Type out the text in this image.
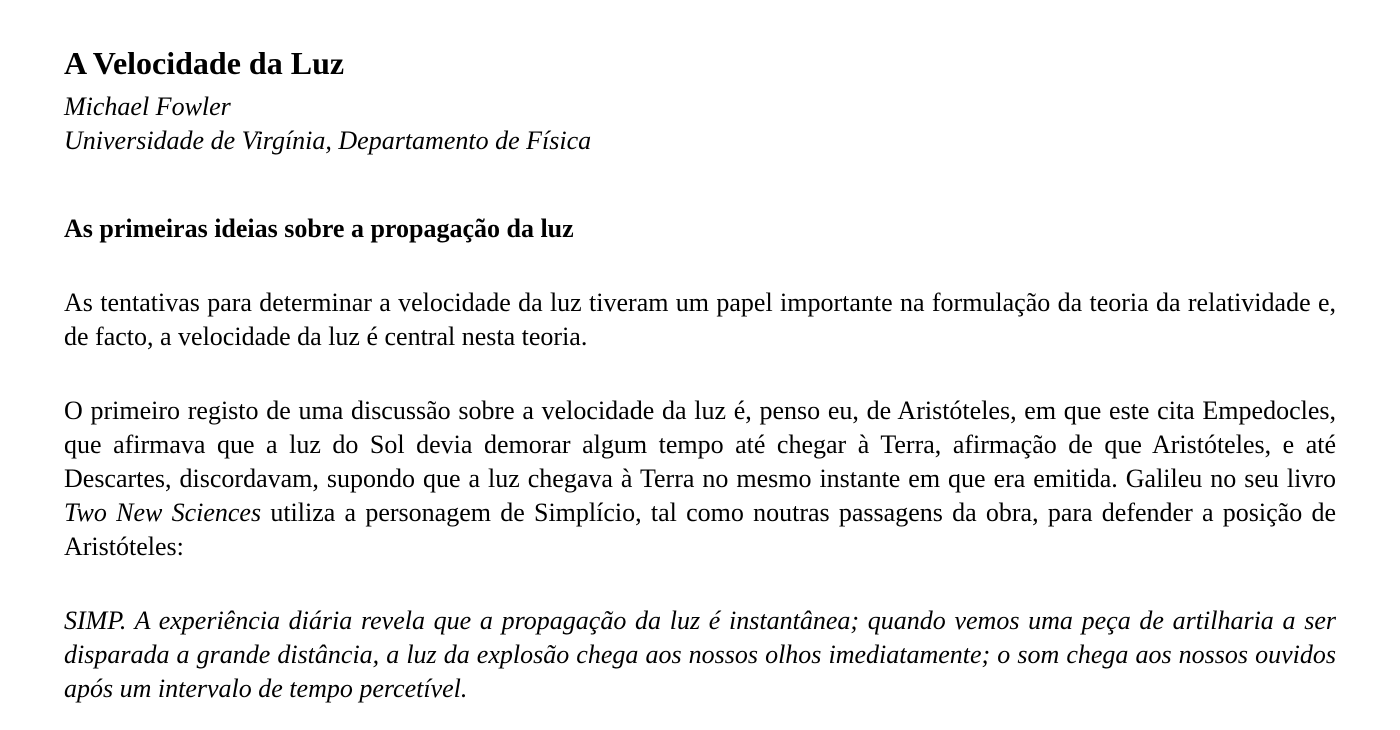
A Velocidade da Luz
Michael Fowler
Universidade de Virgínia, Departamento de Física
As primeiras ideias sobre a propagação da luz

As tentativas para determinar a velocidade da luz tiveram um papel importante na formulação da teoria da relatividade e, de facto, a velocidade da luz é central nesta teoria.

O primeiro registo de uma discussão sobre a velocidade da luz é, penso eu, de Aristóteles, em que este cita Empedocles, que afirmava que a luz do Sol devia demorar algum tempo até chegar à Terra, afirmação de que Aristóteles, e até Descartes, discordavam, supondo que a luz chegava à Terra no mesmo instante em que era emitida. Galileu no seu livro Two New Sciences utiliza a personagem de Simplício, tal como noutras passagens da obra, para defender a posição de Aristóteles:

SIMP. A experiência diária revela que a propagação da luz é instantânea; quando vemos uma peça de artilharia a ser disparada a grande distância, a luz da explosão chega aos nossos olhos imediatamente; o som chega aos nossos ouvidos após um intervalo de tempo percetível.
